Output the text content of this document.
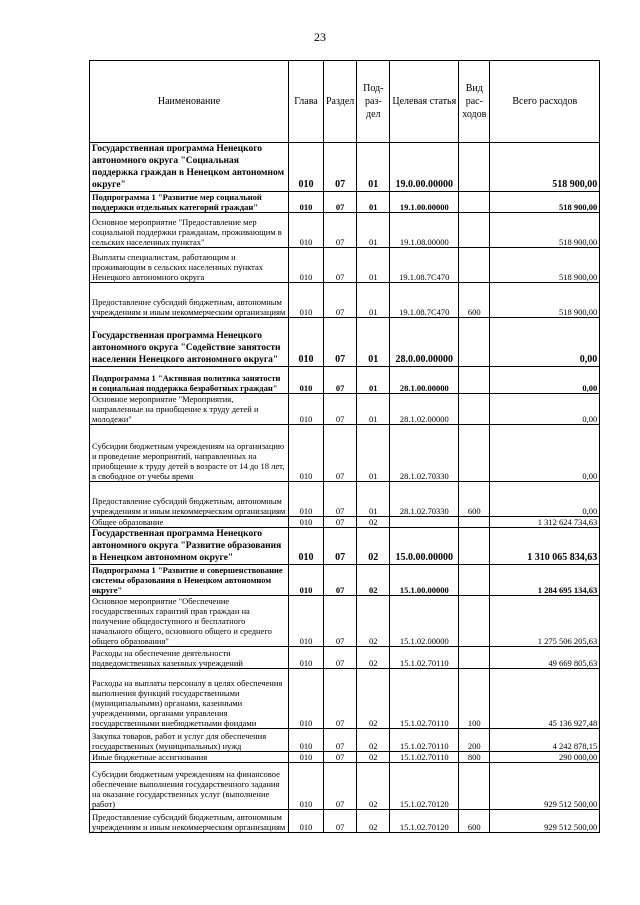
23
Наименование	Глава	Раздел	Под-раз-дел	Целевая статья	Вид рас-ходов	Всего расходов
Государственная программа Ненецкого автономного округа "Социальная поддержка граждан в Ненецком автономном округе"	010	07	01	19.0.00.00000		518 900,00
Подпрограмма 1 "Развитие мер социальной поддержки отдельных категорий граждан"	010	07	01	19.1.00.00000		518 900,00
Основное мероприятие "Предоставление мер социальной поддержки гражданам, проживающим в сельских населенных пунктах"	010	07	01	19.1.08.00000		518 900,00
Выплаты специалистам, работающим и проживающим в сельских населенных пунктах Ненецкого автономного округа	010	07	01	19.1.08.7C470		518 900,00
Предоставление субсидий бюджетным, автономным учреждениям и иным некоммерческим организациям	010	07	01	19.1.08.7C470	600	518 900,00
Государственная программа Ненецкого автономного округа "Содействие занятости населения Ненецкого автономного округа"	010	07	01	28.0.00.00000		0,00
Подпрограмма 1 "Активная политика занятости и социальная поддержка безработных граждан"	010	07	01	28.1.00.00000		0,00
Основное мероприятие "Мероприятия, направленные на приобщение к труду детей и молодежи"	010	07	01	28.1.02.00000		0,00
Субсидии бюджетным учреждениям на организацию и проведение мероприятий, направленных на приобщение к труду детей в возрасте от 14 до 18 лет, в свободное от учебы время	010	07	01	28.1.02.70330		0,00
Предоставление субсидий бюджетным, автономным учреждениям и иным некоммерческим организациям	010	07	01	28.1.02.70330	600	0,00
Общее образование	010	07	02			1 312 624 734,63
Государственная программа Ненецкого автономного округа "Развитие образования в Ненецком автономном округе"	010	07	02	15.0.00.00000		1 310 065 834,63
Подпрограмма 1 "Развитие и совершенствование системы образования в Ненецком автономном округе"	010	07	02	15.1.00.00000		1 284 695 134,63
Основное мероприятие "Обеспечение государственных гарантий прав граждан на получение общедоступного и бесплатного начального общего, основного общего и среднего общего образования"	010	07	02	15.1.02.00000		1 275 506 205,63
Расходы на обеспечение деятельности подведомственных казенных учреждений	010	07	02	15.1.02.70110		49 669 805,63
Расходы на выплаты персоналу в целях обеспечения выполнения функций государственными (муниципальными) органами, казенными учреждениями, органами управления государственными внебюджетными фондами	010	07	02	15.1.02.70110	100	45 136 927,48
Закупка товаров, работ и услуг для обеспечения государственных (муниципальных) нужд	010	07	02	15.1.02.70110	200	4 242 878,15
Иные бюджетные ассигнования	010	07	02	15.1.02.70110	800	290 000,00
Субсидии бюджетным учреждениям на финансовое обеспечение выполнения государственного задания на оказание государственных услуг (выполнение работ)	010	07	02	15.1.02.70120		929 512 500,00
Предоставление субсидий бюджетным, автономным учреждениям и иным некоммерческим организациям	010	07	02	15.1.02.70120	600	929 512 500,00
